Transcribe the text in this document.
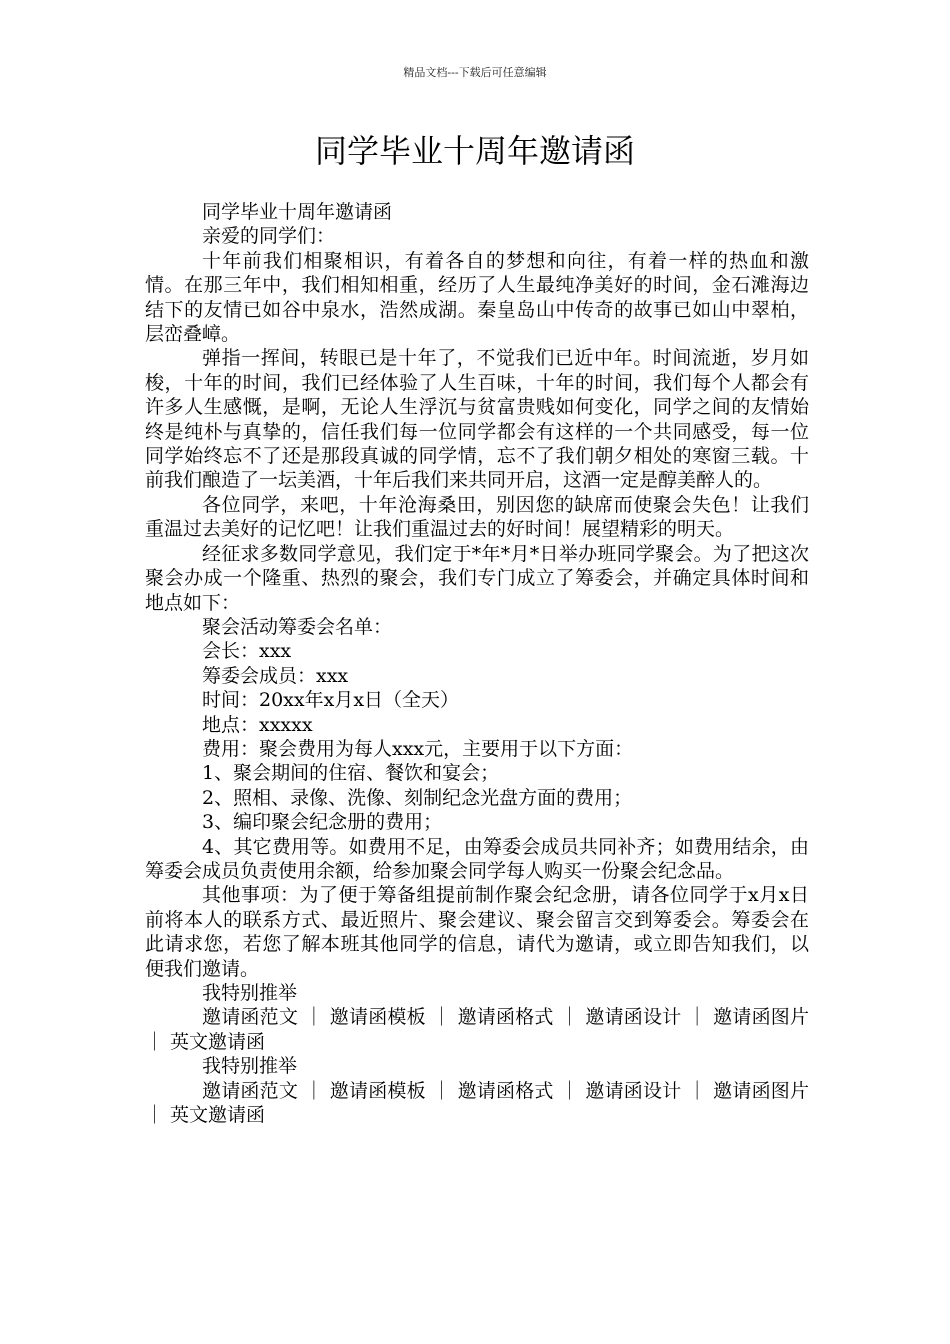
精品文档---下载后可任意编辑
同学毕业十周年邀请函

同学毕业十周年邀请函

亲爱的同学们：

十年前我们相聚相识，有着各自的梦想和向往，有着一样的热血和激情。在那三年中，我们相知相重，经历了人生最纯净美好的时间，金石滩海边结下的友情已如谷中泉水，浩然成湖。秦皇岛山中传奇的故事已如山中翠柏，层峦叠嶂。

弹指一挥间，转眼已是十年了，不觉我们已近中年。时间流逝，岁月如梭，十年的时间，我们已经体验了人生百味，十年的时间，我们每个人都会有许多人生感慨，是啊，无论人生浮沉与贫富贵贱如何变化，同学之间的友情始终是纯朴与真挚的，信任我们每一位同学都会有这样的一个共同感受，每一位同学始终忘不了还是那段真诚的同学情，忘不了我们朝夕相处的寒窗三载。十前我们酿造了一坛美酒，十年后我们来共同开启，这酒一定是醇美醉人的。

各位同学，来吧，十年沧海桑田，别因您的缺席而使聚会失色！让我们重温过去美好的记忆吧！让我们重温过去的好时间！展望精彩的明天。

经征求多数同学意见，我们定于*年*月*日举办班同学聚会。为了把这次聚会办成一个隆重、热烈的聚会，我们专门成立了筹委会，并确定具体时间和地点如下：

聚会活动筹委会名单：

会长：xxx

筹委会成员：xxx

时间：20xx年x月x日（全天）

地点：xxxxx

费用：聚会费用为每人xxx元，主要用于以下方面：

1、聚会期间的住宿、餐饮和宴会；

2、照相、录像、洗像、刻制纪念光盘方面的费用；

3、编印聚会纪念册的费用；

4、其它费用等。如费用不足，由筹委会成员共同补齐；如费用结余，由筹委会成员负责使用余额，给参加聚会同学每人购买一份聚会纪念品。

其他事项：为了便于筹备组提前制作聚会纪念册，请各位同学于x月x日前将本人的联系方式、最近照片、聚会建议、聚会留言交到筹委会。筹委会在此请求您，若您了解本班其他同学的信息，请代为邀请，或立即告知我们，以便我们邀请。

我特别推举

邀请函范文 ｜ 邀请函模板 ｜ 邀请函格式 ｜ 邀请函设计 ｜ 邀请函图片 ｜ 英文邀请函

我特别推举

邀请函范文 ｜ 邀请函模板 ｜ 邀请函格式 ｜ 邀请函设计 ｜ 邀请函图片 ｜ 英文邀请函
